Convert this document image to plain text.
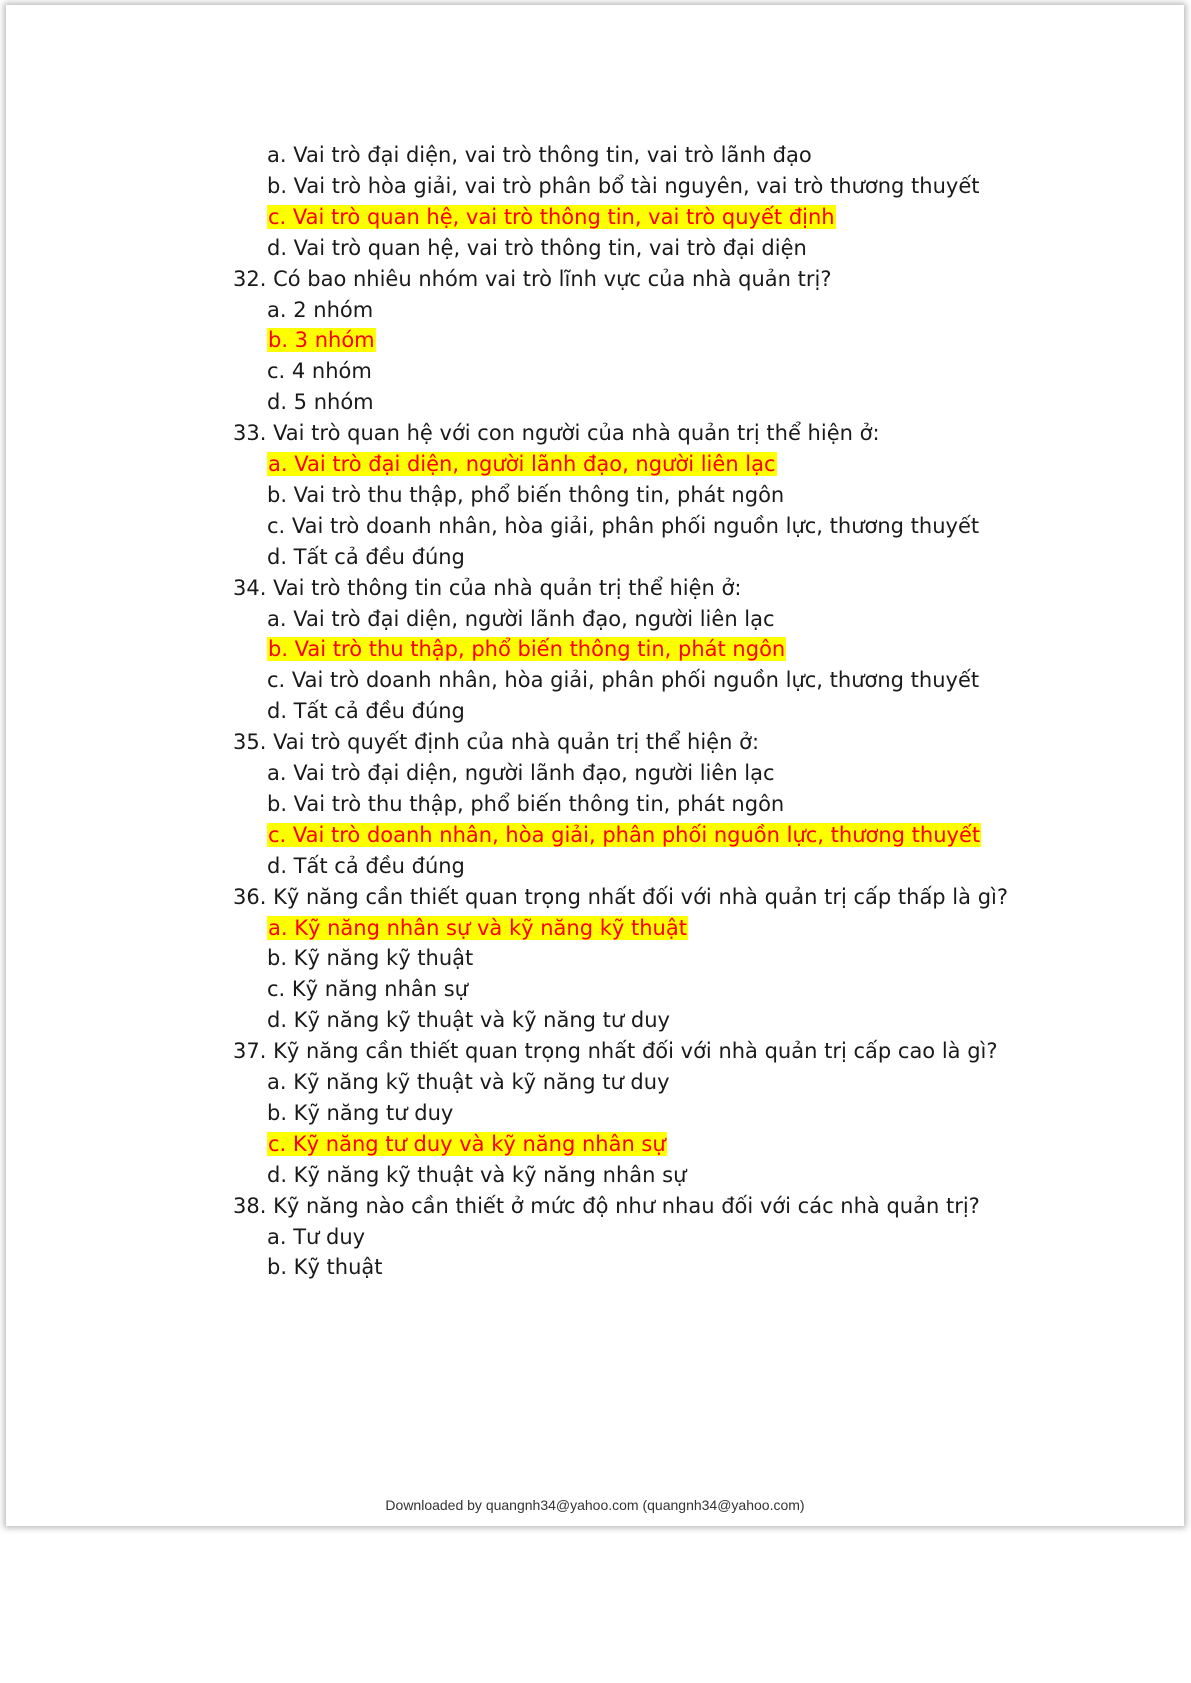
a. Vai trò đại diện, vai trò thông tin, vai trò lãnh đạo
b. Vai trò hòa giải, vai trò phân bổ tài nguyên, vai trò thương thuyết
c. Vai trò quan hệ, vai trò thông tin, vai trò quyết định
d. Vai trò quan hệ, vai trò thông tin, vai trò đại diện
32. Có bao nhiêu nhóm vai trò lĩnh vực của nhà quản trị?
a. 2 nhóm
b. 3 nhóm
c. 4 nhóm
d. 5 nhóm
33. Vai trò quan hệ với con người của nhà quản trị thể hiện ở:
a. Vai trò đại diện, người lãnh đạo, người liên lạc
b. Vai trò thu thập, phổ biến thông tin, phát ngôn
c. Vai trò doanh nhân, hòa giải, phân phối nguồn lực, thương thuyết
d. Tất cả đều đúng
34. Vai trò thông tin của nhà quản trị thể hiện ở:
a. Vai trò đại diện, người lãnh đạo, người liên lạc
b. Vai trò thu thập, phổ biến thông tin, phát ngôn
c. Vai trò doanh nhân, hòa giải, phân phối nguồn lực, thương thuyết
d. Tất cả đều đúng
35. Vai trò quyết định của nhà quản trị thể hiện ở:
a. Vai trò đại diện, người lãnh đạo, người liên lạc
b. Vai trò thu thập, phổ biến thông tin, phát ngôn
c. Vai trò doanh nhân, hòa giải, phân phối nguồn lực, thương thuyết
d. Tất cả đều đúng
36. Kỹ năng cần thiết quan trọng nhất đối với nhà quản trị cấp thấp là gì?
a. Kỹ năng nhân sự và kỹ năng kỹ thuật
b. Kỹ năng kỹ thuật
c. Kỹ năng nhân sự
d. Kỹ năng kỹ thuật và kỹ năng tư duy
37. Kỹ năng cần thiết quan trọng nhất đối với nhà quản trị cấp cao là gì?
a. Kỹ năng kỹ thuật và kỹ năng tư duy
b. Kỹ năng tư duy
c. Kỹ năng tư duy và kỹ năng nhân sự
d. Kỹ năng kỹ thuật và kỹ năng nhân sự
38. Kỹ năng nào cần thiết ở mức độ như nhau đối với các nhà quản trị?
a. Tư duy
b. Kỹ thuật
Downloaded by quangnh34@yahoo.com (quangnh34@yahoo.com)
